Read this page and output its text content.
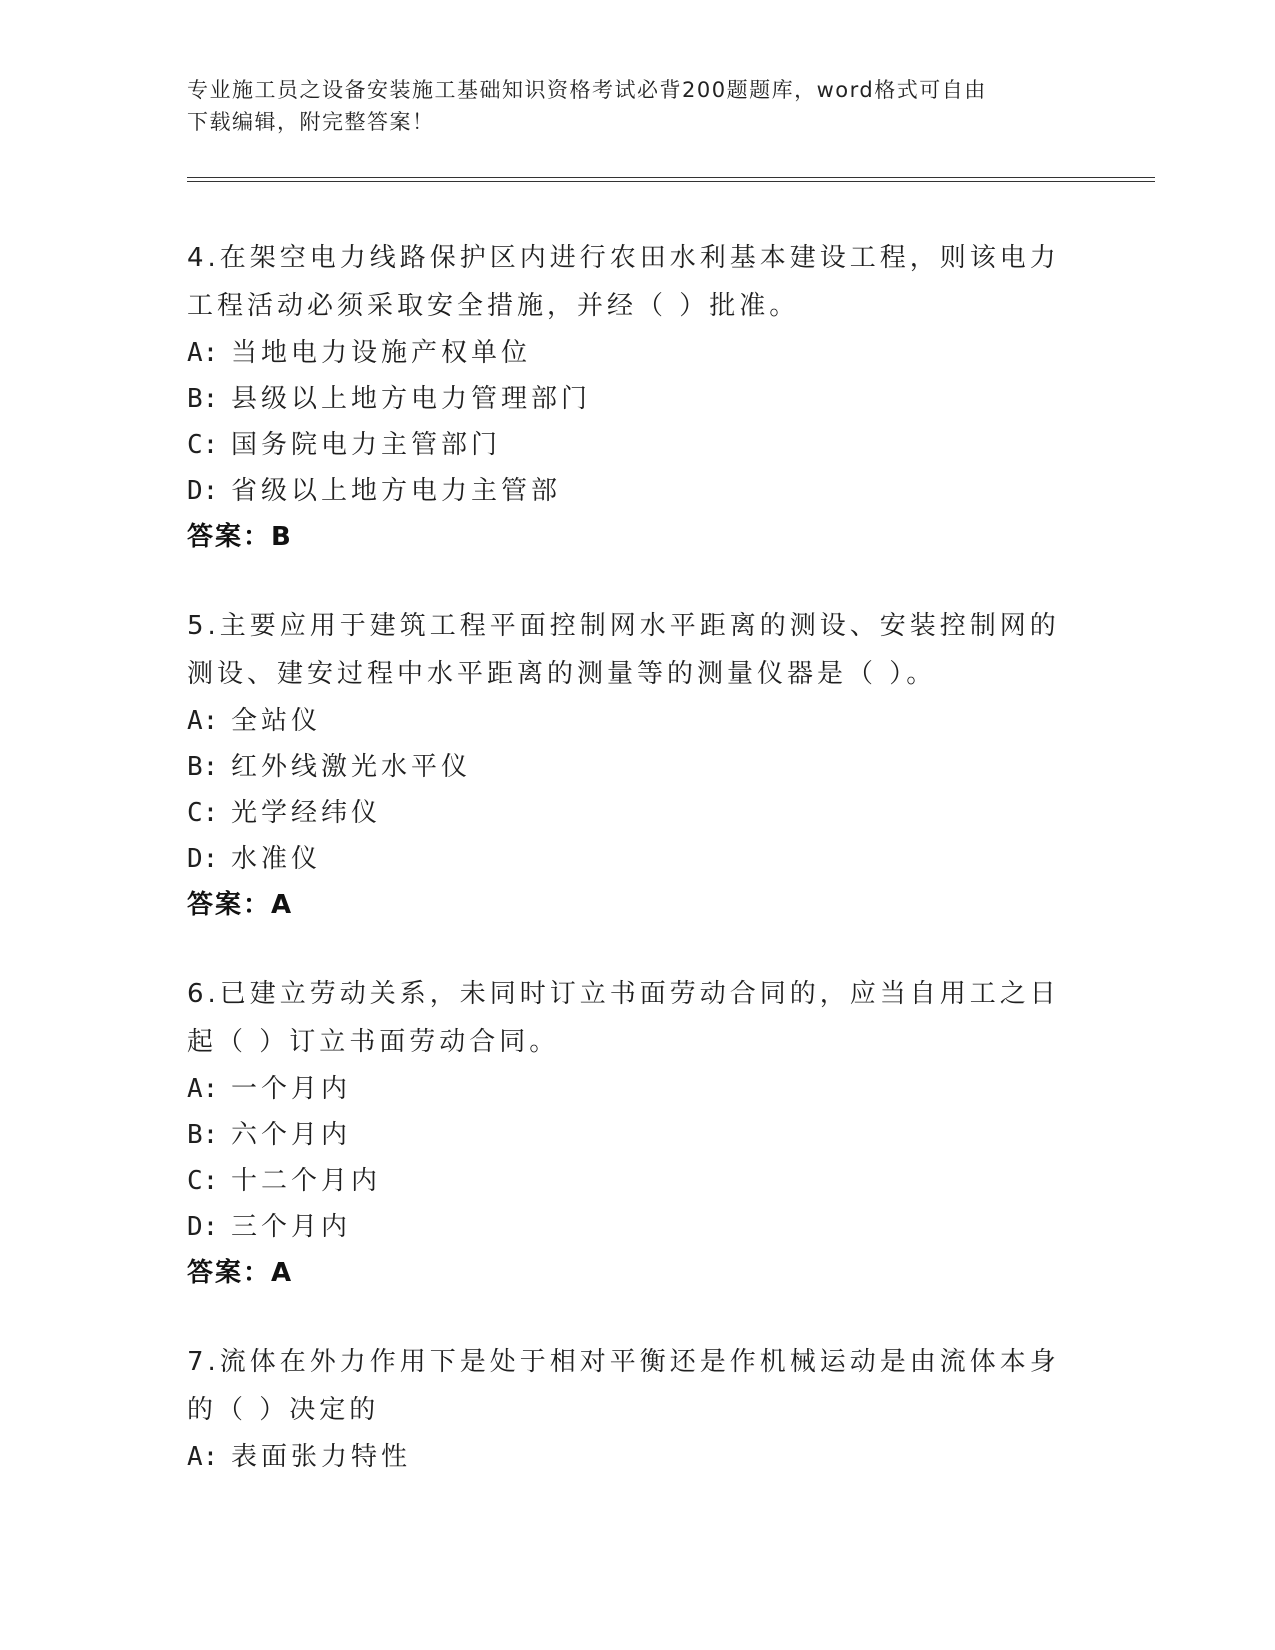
专业施工员之设备安装施工基础知识资格考试必背200题题库，word格式可自由
下载编辑，附完整答案！

4.在架空电力线路保护区内进行农田水利基本建设工程，则该电力工程活动必须采取安全措施，并经（ ）批准。

A: 当地电力设施产权单位

B: 县级以上地方电力管理部门

C: 国务院电力主管部门

D: 省级以上地方电力主管部

答案：B

5.主要应用于建筑工程平面控制网水平距离的测设、安装控制网的测设、建安过程中水平距离的测量等的测量仪器是（ ）。

A: 全站仪

B: 红外线激光水平仪

C: 光学经纬仪

D: 水准仪

答案：A

6.已建立劳动关系，未同时订立书面劳动合同的，应当自用工之日起（ ）订立书面劳动合同。

A: 一个月内

B: 六个月内

C: 十二个月内

D: 三个月内

答案：A

7.流体在外力作用下是处于相对平衡还是作机械运动是由流体本身的（ ）决定的

A: 表面张力特性
